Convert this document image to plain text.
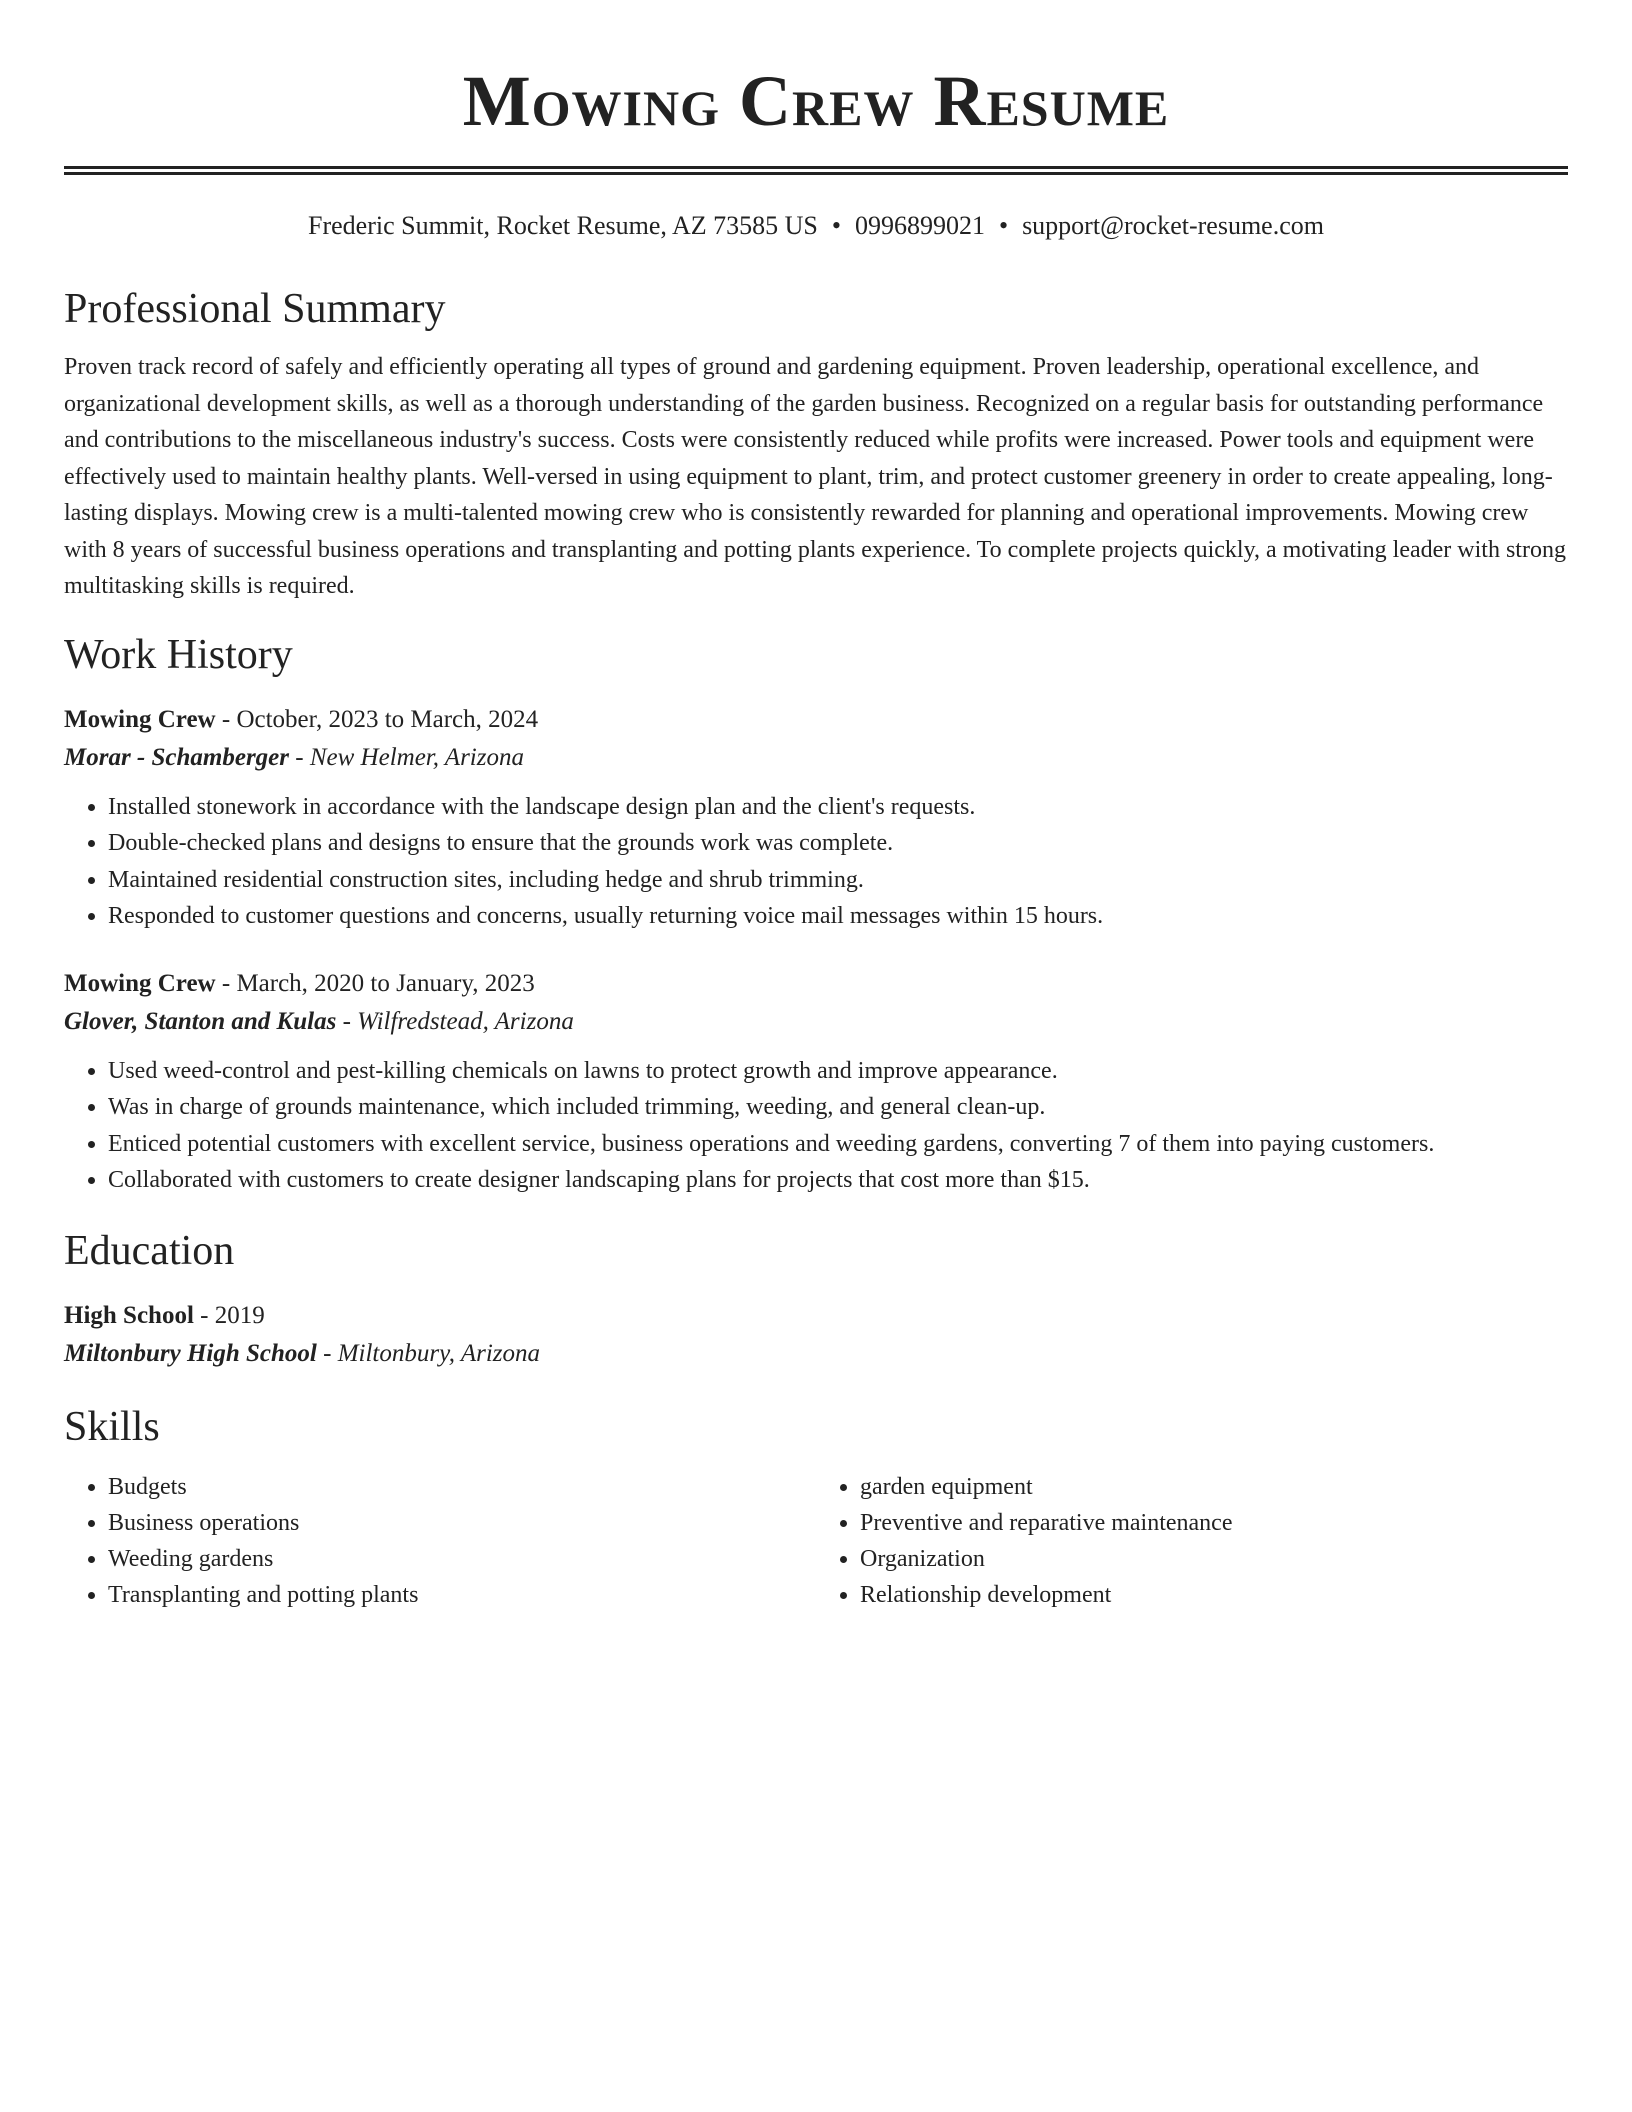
Mowing Crew Resume
Frederic Summit, Rocket Resume, AZ 73585 US • 0996899021 • support@rocket-resume.com
Professional Summary

Proven track record of safely and efficiently operating all types of ground and gardening equipment. Proven leadership, operational excellence, and organizational development skills, as well as a thorough understanding of the garden business. Recognized on a regular basis for outstanding performance and contributions to the miscellaneous industry's success. Costs were consistently reduced while profits were increased. Power tools and equipment were effectively used to maintain healthy plants. Well-versed in using equipment to plant, trim, and protect customer greenery in order to create appealing, long-lasting displays. Mowing crew is a multi-talented mowing crew who is consistently rewarded for planning and operational improvements. Mowing crew with 8 years of successful business operations and transplanting and potting plants experience. To complete projects quickly, a motivating leader with strong multitasking skills is required.

Work History
Mowing Crew - October, 2023 to March, 2024
Morar - Schamberger - New Helmer, Arizona
• Installed stonework in accordance with the landscape design plan and the client's requests.
• Double-checked plans and designs to ensure that the grounds work was complete.
• Maintained residential construction sites, including hedge and shrub trimming.
• Responded to customer questions and concerns, usually returning voice mail messages within 15 hours.
Mowing Crew - March, 2020 to January, 2023
Glover, Stanton and Kulas - Wilfredstead, Arizona
• Used weed-control and pest-killing chemicals on lawns to protect growth and improve appearance.
• Was in charge of grounds maintenance, which included trimming, weeding, and general clean-up.
• Enticed potential customers with excellent service, business operations and weeding gardens, converting 7 of them into paying customers.
• Collaborated with customers to create designer landscaping plans for projects that cost more than $15.
Education
High School - 2019
Miltonbury High School - Miltonbury, Arizona
Skills
• Budgets
• Business operations
• Weeding gardens
• Transplanting and potting plants
• garden equipment
• Preventive and reparative maintenance
• Organization
• Relationship development
